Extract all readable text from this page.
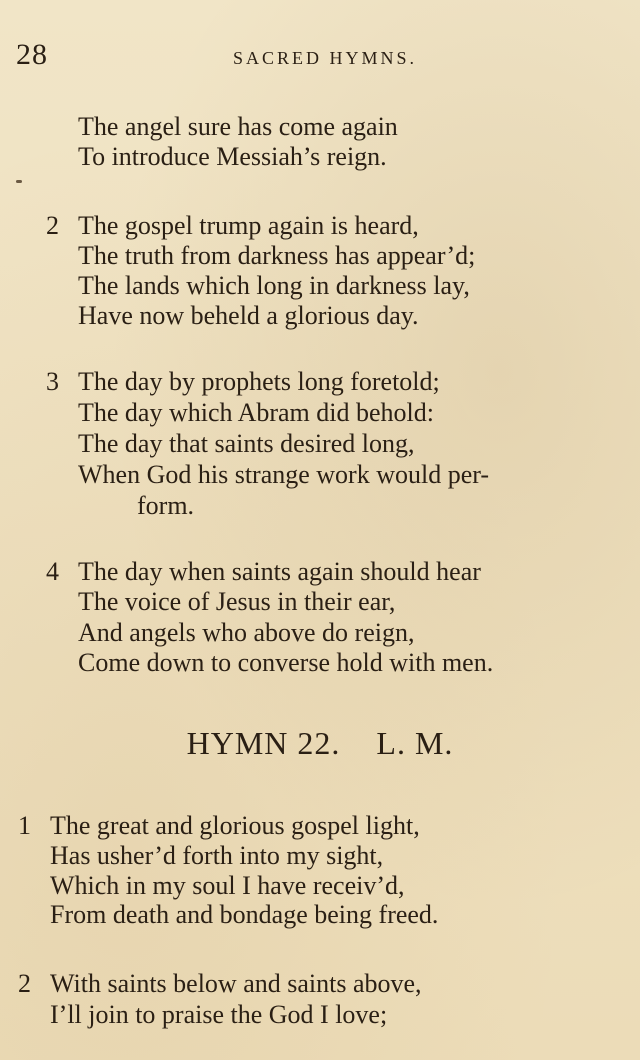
28	SACRED HYMNS.
The angel sure has come again
To introduce Messiah’s reign.
2 The gospel trump again is heard,
The truth from darkness has appear’d;
The lands which long in darkness lay,
Have now beheld a glorious day.
3 The day by prophets long foretold;
The day which Abram did behold:
The day that saints desired long,
When God his strange work would per-
form.
4 The day when saints again should hear
The voice of Jesus in their ear,
And angels who above do reign,
Come down to converse hold with men.
HYMN 22. L. M.
1 The great and glorious gospel light,
Has usher’d forth into my sight,
Which in my soul I have receiv’d,
From death and bondage being freed.
2 With saints below and saints above,
I’ll join to praise the God I love;
